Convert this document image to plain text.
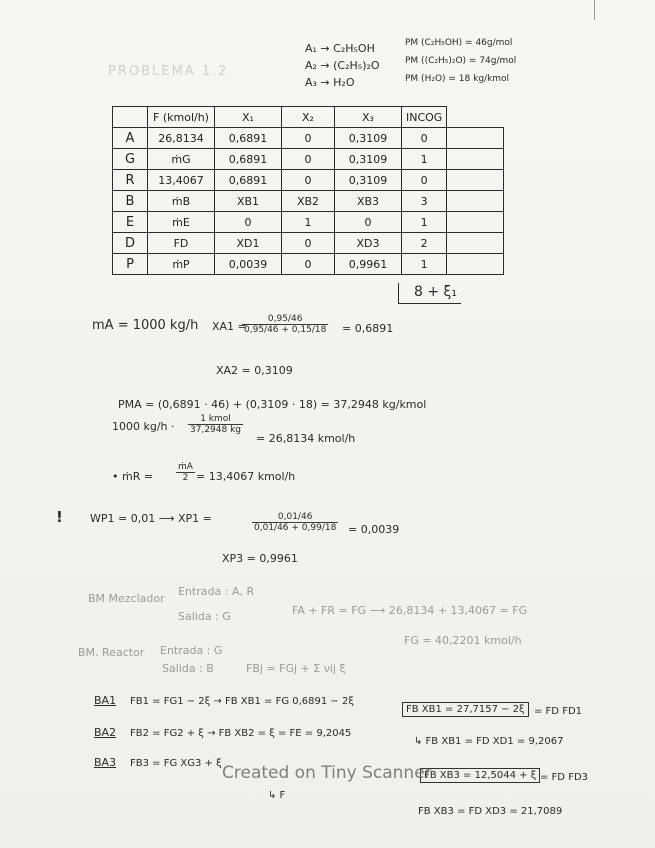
PROBLEMA 1.2
A₁ → C₂H₅OH
A₂ → (C₂H₅)₂O
A₃ → H₂O
PM (C₂H₅OH) = 46g/mol
PM ((C₂H₅)₂O) = 74g/mol
PM (H₂O) = 18 kg/kmol
	F (kmol/h)	X₁	X₂	X₃	INCOG	
A	26,8134	0,6891	0	0,3109	0	
G	ṁG	0,6891	0	0,3109	1	
R	13,4067	0,6891	0	0,3109	0	
B	ṁB	XB1	XB2	XB3	3	
E	ṁE	0	1	0	1	
D	FD	XD1	0	XD3	2	
P	ṁP	0,0039	0	0,9961	1	
8 + ξ₁
mA = 1000 kg/h XA1 =
$\frac{0,95/46}{0,95/46 + 0,15/18} = 0,6891$
XA2 = 0,3109
PMA = (0,6891 · 46) + (0,3109 · 18) = 37,2948 kg/kmol
1000 kg/h ·
1 kmol
37,2948 kg
= 26,8134 kmol/h
• ṁR =	$\frac{\text{ṁA}}{2} = 13,4067$ kmol/h
! WP1 = 0,01 ⟶ XP1 =	$\frac{0,01/46}{0,01/46 + 0,99/18} = 0,0039$
XP3 = 0,9961
BM Mezclador
Entrada : A, R
Salida : G	FA + FR = FG ⟶ 26,8134 + 13,4067 = FG
FG = 40,2201 kmol/h
BM. Reactor Entrada : G
Salida : B	FBj = FGj + Σ νij ξ
BA1 FB1 = FG1 − 2ξ → FB XB1 = FG 0,6891 − 2ξ
FB XB1 = 27,7157 − 2ξ = FD FD1
↳ FB XB1 = FD XD1 = 9,2067
BA2 FB2 = FG2 + ξ → FB XB2 = ξ = FE = 9,2045
BA3 FB3 = FG XG3 + ξ
FB XB3 = 12,5044 + ξ = FD FD3
↳ F
FB XB3 = FD XD3 = 21,7089
Created on Tiny Scanner
